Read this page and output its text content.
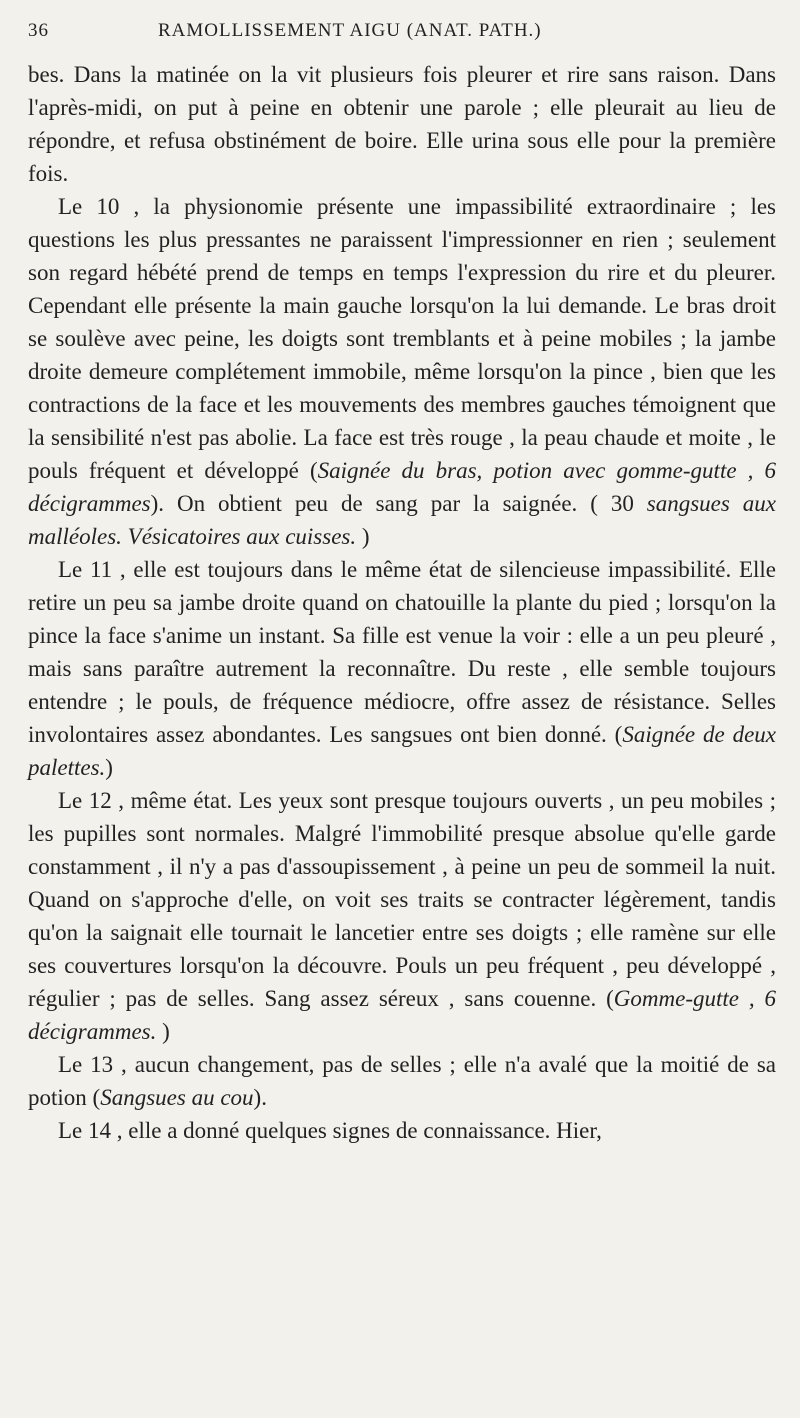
36	RAMOLLISSEMENT AIGU (ANAT. PATH.)

bes. Dans la matinée on la vit plusieurs fois pleurer et rire sans raison. Dans l'après-midi, on put à peine en obtenir une parole ; elle pleurait au lieu de répondre, et refusa obstinément de boire. Elle urina sous elle pour la première fois.

Le 10 , la physionomie présente une impassibilité extraordinaire ; les questions les plus pressantes ne paraissent l'impressionner en rien ; seulement son regard hébété prend de temps en temps l'expression du rire et du pleurer. Cependant elle présente la main gauche lorsqu'on la lui demande. Le bras droit se soulève avec peine, les doigts sont tremblants et à peine mobiles ; la jambe droite demeure complétement immobile, même lorsqu'on la pince , bien que les contractions de la face et les mouvements des membres gauches témoignent que la sensibilité n'est pas abolie. La face est très rouge , la peau chaude et moite , le pouls fréquent et développé (Saignée du bras, potion avec gomme-gutte , 6 décigrammes). On obtient peu de sang par la saignée. ( 30 sangsues aux malléoles. Vésicatoires aux cuisses. )

Le 11 , elle est toujours dans le même état de silencieuse impassibilité. Elle retire un peu sa jambe droite quand on chatouille la plante du pied ; lorsqu'on la pince la face s'anime un instant. Sa fille est venue la voir : elle a un peu pleuré , mais sans paraître autrement la reconnaître. Du reste , elle semble toujours entendre ; le pouls, de fréquence médiocre, offre assez de résistance. Selles involontaires assez abondantes. Les sangsues ont bien donné. (Saignée de deux palettes.)

Le 12 , même état. Les yeux sont presque toujours ouverts , un peu mobiles ; les pupilles sont normales. Malgré l'immobilité presque absolue qu'elle garde constamment , il n'y a pas d'assoupissement , à peine un peu de sommeil la nuit. Quand on s'approche d'elle, on voit ses traits se contracter légèrement, tandis qu'on la saignait elle tournait le lancetier entre ses doigts ; elle ramène sur elle ses couvertures lorsqu'on la découvre. Pouls un peu fréquent , peu développé , régulier ; pas de selles. Sang assez séreux , sans couenne. (Gomme-gutte , 6 décigrammes. )

Le 13 , aucun changement, pas de selles ; elle n'a avalé que la moitié de sa potion (Sangsues au cou).

Le 14 , elle a donné quelques signes de connaissance. Hier,
